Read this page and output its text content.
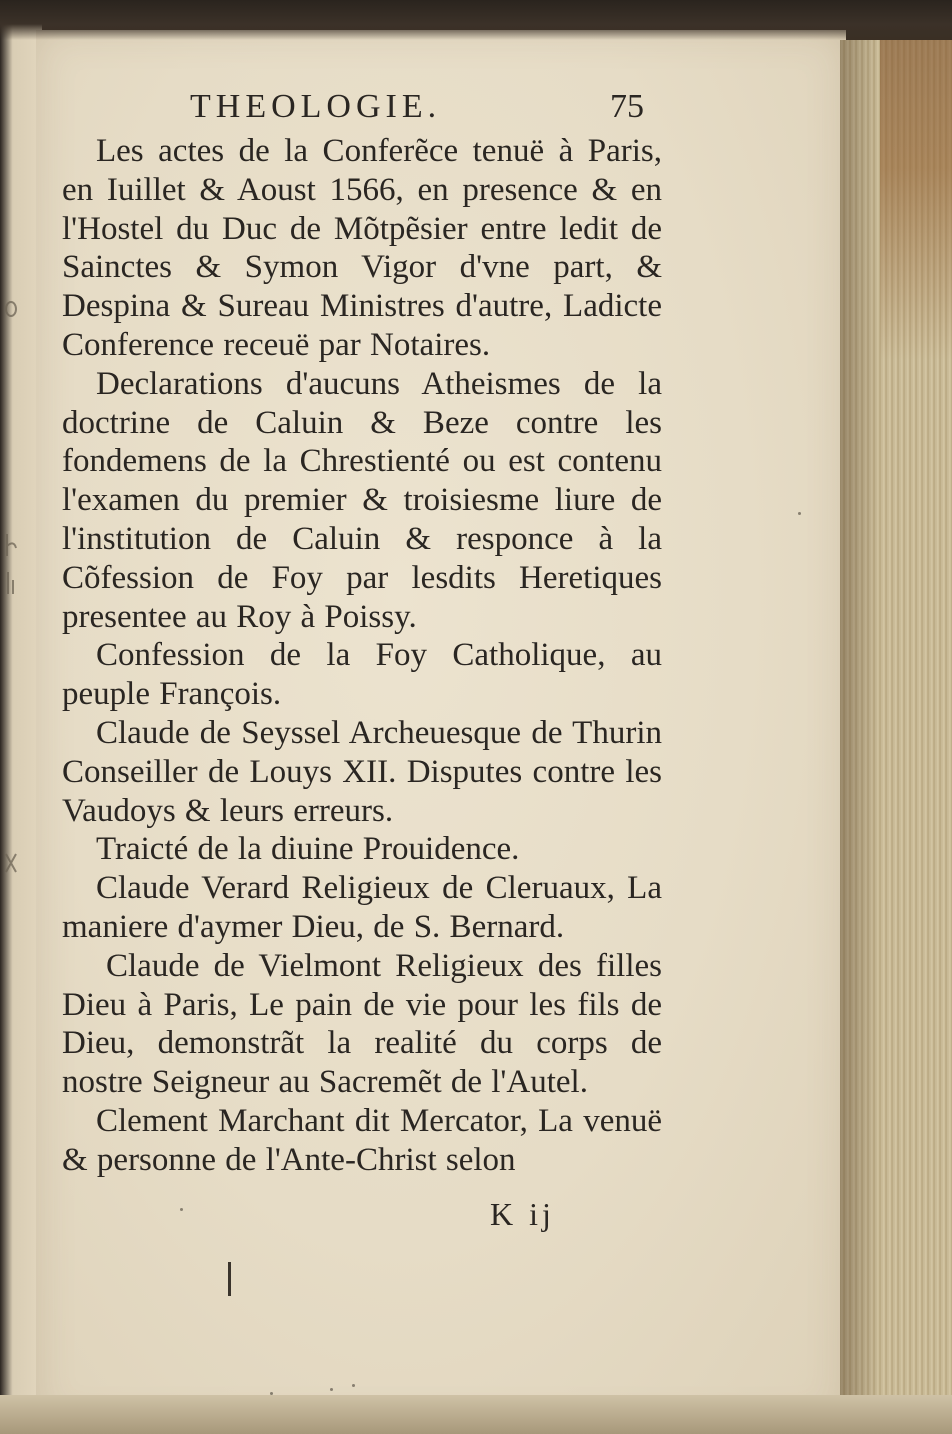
THEOLOGIE.	75

Les actes de la Conferẽce tenuë à Paris, en Iuillet & Aoust 1566, en presence & en l'Hostel du Duc de Mõtpẽsier entre ledit de Sainctes & Symon Vigor d'vne part, & Despina & Sureau Ministres d'autre, Ladicte Conference receuë par Notaires.

Declarations d'aucuns Atheismes de la doctrine de Caluin & Beze contre les fondemens de la Chrestienté ou est contenu l'examen du premier & troisiesme liure de l'institution de Caluin & responce à la Cõfession de Foy par lesdits Heretiques presentee au Roy à Poissy.

Confession de la Foy Catholique, au peuple François.

Claude de Seyssel Archeuesque de Thurin Conseiller de Louys XII. Disputes contre les Vaudoys & leurs erreurs.

Traicté de la diuine Prouidence.

Claude Verard Religieux de Cleruaux, La maniere d'aymer Dieu, de S. Bernard.

Claude de Vielmont Religieux des filles Dieu à Paris, Le pain de vie pour les fils de Dieu, demonstrãt la realité du corps de nostre Seigneur au Sacremẽt de l'Autel.

Clement Marchant dit Mercator, La venuë & personne de l'Ante-Christ selon

K ij
